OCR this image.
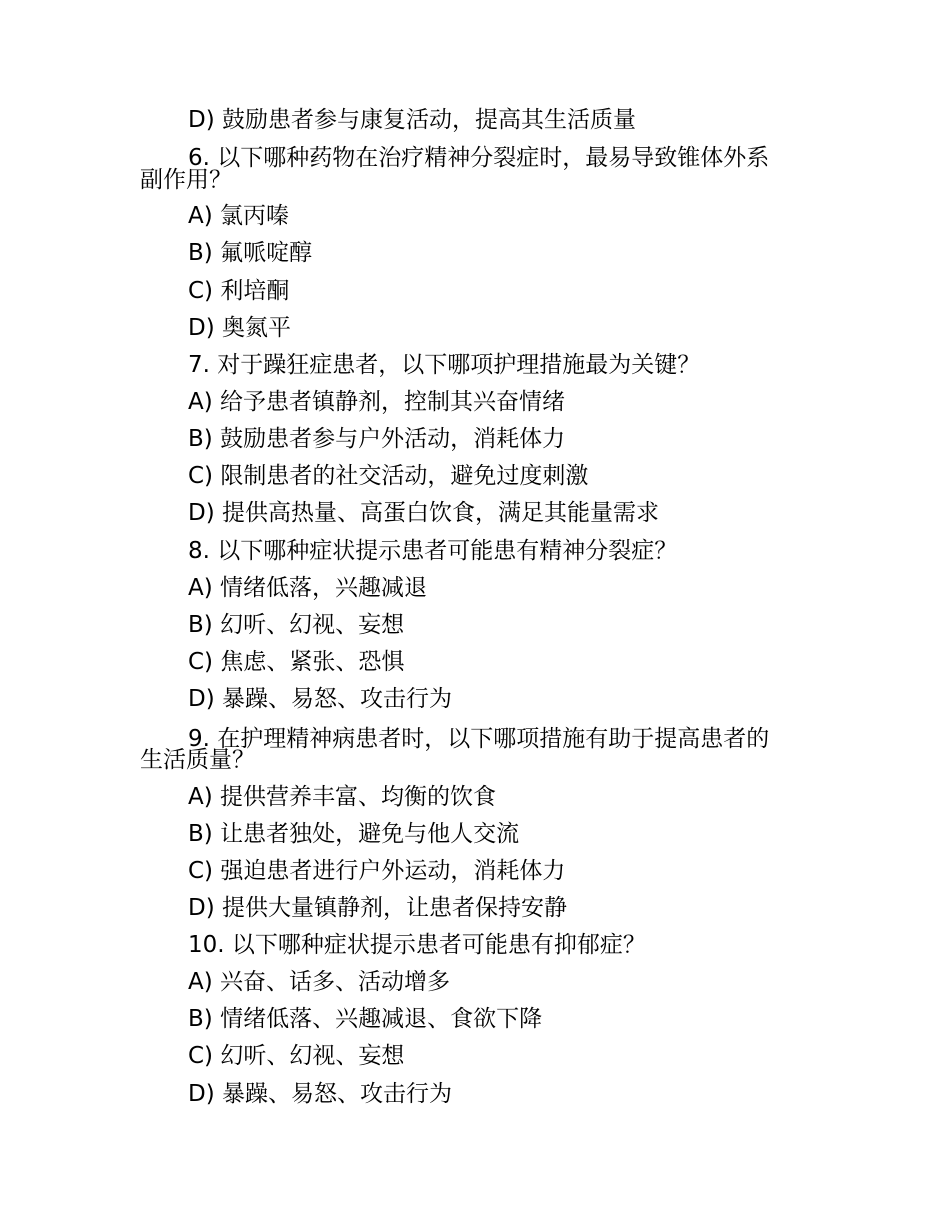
D) 鼓励患者参与康复活动，提高其生活质量
6. 以下哪种药物在治疗精神分裂症时，最易导致锥体外系
副作用？
A) 氯丙嗪
B) 氟哌啶醇
C) 利培酮
D) 奥氮平
7. 对于躁狂症患者，以下哪项护理措施最为关键？
A) 给予患者镇静剂，控制其兴奋情绪
B) 鼓励患者参与户外活动，消耗体力
C) 限制患者的社交活动，避免过度刺激
D) 提供高热量、高蛋白饮食，满足其能量需求
8. 以下哪种症状提示患者可能患有精神分裂症？
A) 情绪低落，兴趣减退
B) 幻听、幻视、妄想
C) 焦虑、紧张、恐惧
D) 暴躁、易怒、攻击行为
9. 在护理精神病患者时，以下哪项措施有助于提高患者的
生活质量？
A) 提供营养丰富、均衡的饮食
B) 让患者独处，避免与他人交流
C) 强迫患者进行户外运动，消耗体力
D) 提供大量镇静剂，让患者保持安静
10. 以下哪种症状提示患者可能患有抑郁症？
A) 兴奋、话多、活动增多
B) 情绪低落、兴趣减退、食欲下降
C) 幻听、幻视、妄想
D) 暴躁、易怒、攻击行为
